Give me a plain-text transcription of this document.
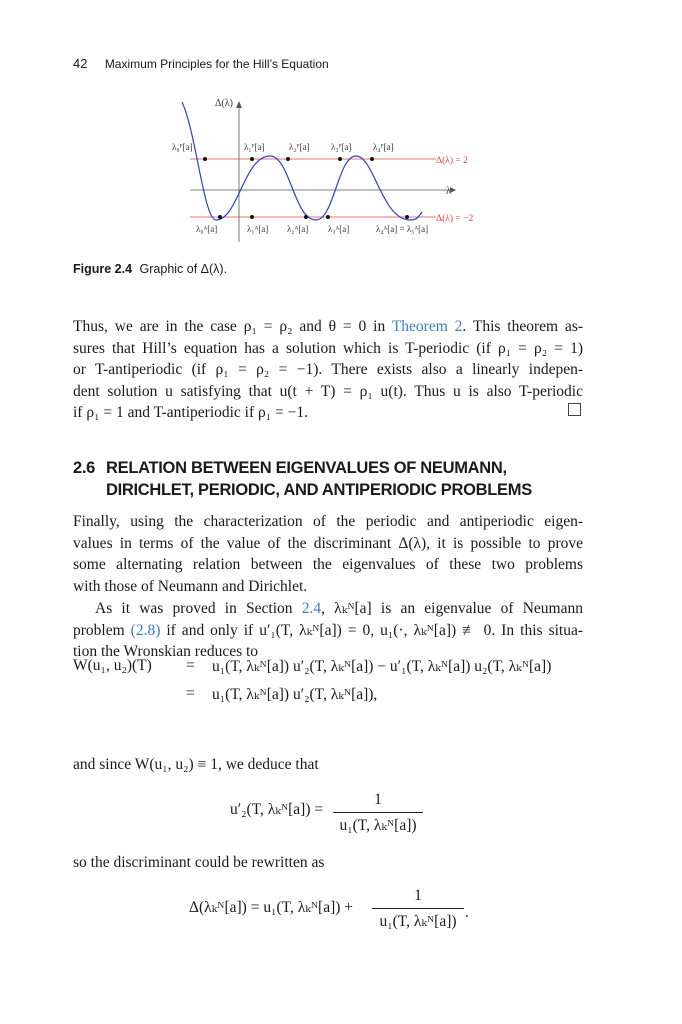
42 Maximum Principles for the Hill’s Equation
Δ(λ)
λ
Δ(λ) = 2
Δ(λ) = −2
λ₀ᴾ[a]	λ₁ᴾ[a]	λ₂ᴾ[a] λ₃ᴾ[a] λ₄ᴾ[a]
λ₀ᴬ[a]	λ₁ᴬ[a] λ₂ᴬ[a] λ₃ᴬ[a]	λ₄ᴬ[a] = λ₅ᴬ[a]
Figure 2.4 Graphic of Δ(λ).
Thus, we are in the case ρ₁ = ρ₂ and θ = 0 in Theorem 2. This theorem as-
sures that Hill’s equation has a solution which is T-periodic (if ρ₁ = ρ₂ = 1)
or T-antiperiodic (if ρ₁ = ρ₂ = −1). There exists also a linearly indepen-
dent solution u satisfying that u(t + T) = ρ₁ u(t). Thus u is also T-periodic
if ρ₁ = 1 and T-antiperiodic if ρ₁ = −1.
2.6 RELATION BETWEEN EIGENVALUES OF NEUMANN,
DIRICHLET, PERIODIC, AND ANTIPERIODIC PROBLEMS
Finally, using the characterization of the periodic and antiperiodic eigen-
values in terms of the value of the discriminant Δ(λ), it is possible to prove
some alternating relation between the eigenvalues of these two problems
with those of Neumann and Dirichlet.
As it was proved in Section 2.4, λₖᴺ[a] is an eigenvalue of Neumann
problem (2.8) if and only if u′₁(T, λₖᴺ[a]) = 0, u₁(·, λₖᴺ[a]) ≢ 0. In this situa-
tion the Wronskian reduces to
W(u₁, u₂)(T) = u₁(T, λₖᴺ[a]) u′₂(T, λₖᴺ[a]) − u′₁(T, λₖᴺ[a]) u₂(T, λₖᴺ[a])
= u₁(T, λₖᴺ[a]) u′₂(T, λₖᴺ[a]),
and since W(u₁, u₂) ≡ 1, we deduce that
u′₂(T, λₖᴺ[a]) =
1
u₁(T, λₖᴺ[a])
so the discriminant could be rewritten as
Δ(λₖᴺ[a]) = u₁(T, λₖᴺ[a]) +
1
u₁(T, λₖᴺ[a])
.
